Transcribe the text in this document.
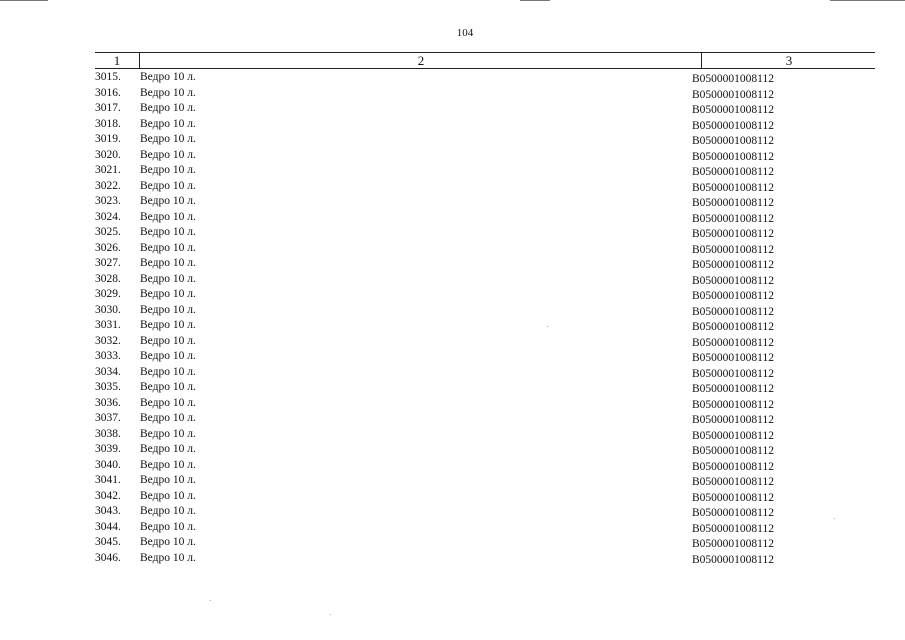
104
1	2	3
3015.	Ведро 10 л.	B0500001008112
3016.	Ведро 10 л.	B0500001008112
3017.	Ведро 10 л.	B0500001008112
3018.	Ведро 10 л.	B0500001008112
3019.	Ведро 10 л.	B0500001008112
3020.	Ведро 10 л.	B0500001008112
3021.	Ведро 10 л.	B0500001008112
3022.	Ведро 10 л.	B0500001008112
3023.	Ведро 10 л.	B0500001008112
3024.	Ведро 10 л.	B0500001008112
3025.	Ведро 10 л.	B0500001008112
3026.	Ведро 10 л.	B0500001008112
3027.	Ведро 10 л.	B0500001008112
3028.	Ведро 10 л.	B0500001008112
3029.	Ведро 10 л.	B0500001008112
3030.	Ведро 10 л.	B0500001008112
3031.	Ведро 10 л.	B0500001008112
3032.	Ведро 10 л.	B0500001008112
3033.	Ведро 10 л.	B0500001008112
3034.	Ведро 10 л.	B0500001008112
3035.	Ведро 10 л.	B0500001008112
3036.	Ведро 10 л.	B0500001008112
3037.	Ведро 10 л.	B0500001008112
3038.	Ведро 10 л.	B0500001008112
3039.	Ведро 10 л.	B0500001008112
3040.	Ведро 10 л.	B0500001008112
3041.	Ведро 10 л.	B0500001008112
3042.	Ведро 10 л.	B0500001008112
3043.	Ведро 10 л.	B0500001008112
3044.	Ведро 10 л.	B0500001008112
3045.	Ведро 10 л.	B0500001008112
3046.	Ведро 10 л.	B0500001008112
